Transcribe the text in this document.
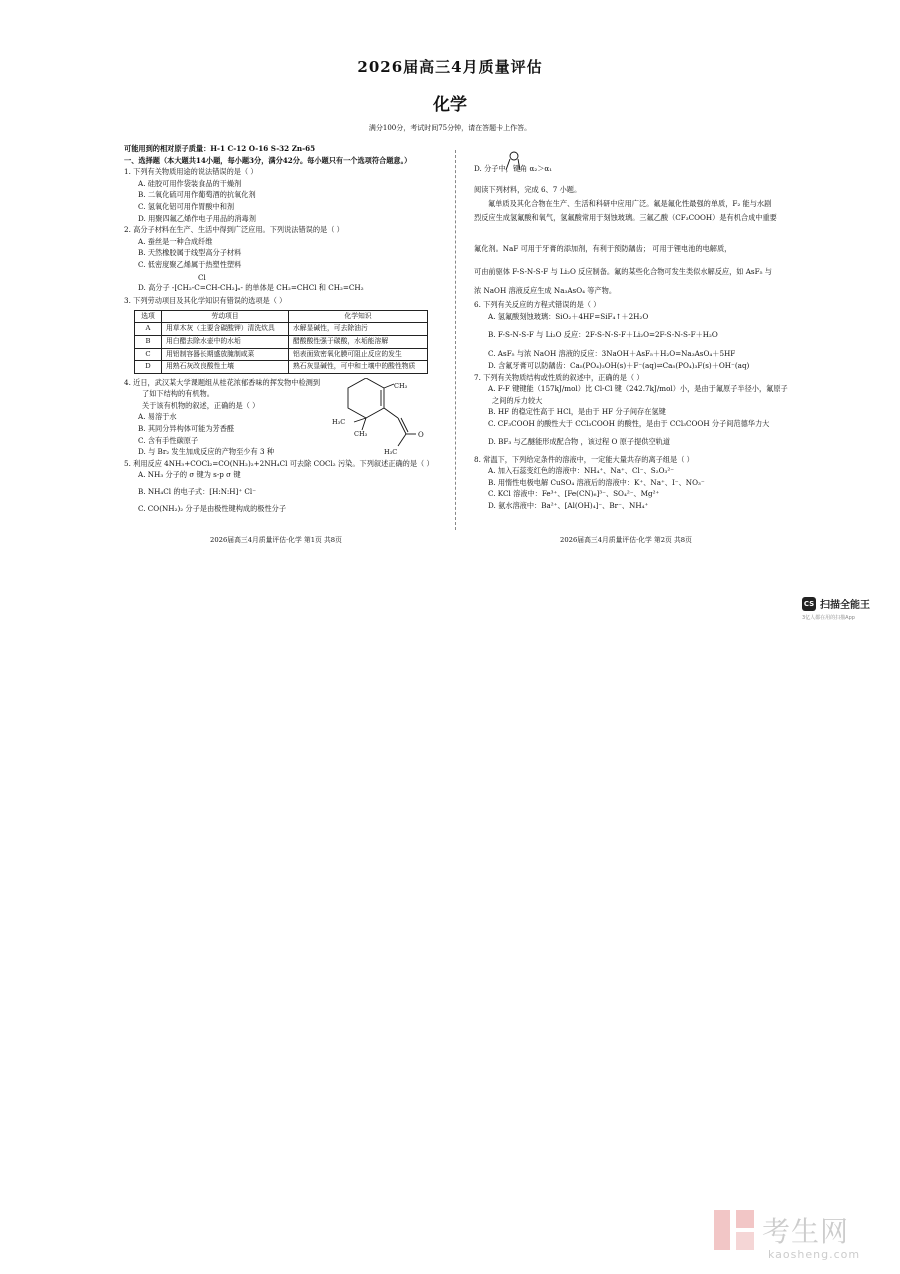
2026届高三4月质量评估
化学
满分100分，考试时间75分钟，请在答题卡上作答。

可能用到的相对原子质量：H-1 C-12 O-16 S-32 Zn-65

一、选择题（本大题共14小题，每小题3分，满分42分。每小题只有一个选项符合题意。）

1. 下列有关物质用途的说法错误的是（ ）

A. 硅胶可用作袋装食品的干燥剂

B. 二氧化硫可用作葡萄酒的抗氧化剂

C. 氢氧化铝可用作胃酸中和剂

D. 用聚四氟乙烯作电子用品的消毒剂

2. 高分子材料在生产、生活中得到广泛应用。下列说法错误的是（ ）

A. 蚕丝是一种合成纤维

B. 天然橡胶属于线型高分子材料

C. 低密度聚乙烯属于热塑性塑料

Cl

D. 高分子 -[CH₂-C=CH-CH₂]ₙ- 的单体是 CH₂=CHCl 和 CH₂=CH₂

3. 下列劳动项目及其化学知识有错误的选项是（ ）

选项	劳动项目	化学知识
A	用草木灰（主要含碳酸钾）清洗炊具	水解显碱性，可去除油污
B	用白醋去除水壶中的水垢	醋酸酸性强于碳酸，水垢能溶解
C	用铝制容器长期盛放腌制咸菜	铝表面致密氧化膜可阻止反应的发生
D	用熟石灰改良酸性土壤	熟石灰显碱性，可中和土壤中的酸性物质

4. 近日，武汉某大学课题组从桂花浓郁香味的挥发物中检测到

了如下结构的有机物。

关于该有机物的叙述，正确的是（ ）

A. 易溶于水

B. 其同分异构体可能为芳香醛

C. 含有手性碳原子

D. 与 Br₂ 发生加成反应的产物至少有 3 种

5. 利用反应 4NH₃+COCl₂=CO(NH₂)₂+2NH₄Cl 可去除 COCl₂ 污染。下列叙述正确的是（ ）

A. NH₃ 分子的 σ 键为 s-p σ 键

B. NH₄Cl 的电子式：[H:N:H]⁺ Cl⁻

C. CO(NH₂)₂ 分子是由极性键构成的极性分子

CH₃
H₃C
CH₃	O
H₃C

D. 分子中，键角 α₂＞α₁

阅读下列材料，完成 6、7 小题。

氟单质及其化合物在生产、生活和科研中应用广泛。氟是氟化性最强的单质，F₂ 能与水剧

烈反应生成氢氟酸和氧气，氢氟酸常用于刻蚀玻璃。三氟乙酸（CF₃COOH）是有机合成中重要

氟化剂。NaF 可用于牙膏的添加剂，有利于预防龋齿； 可用于锂电池的电解质，

可由前驱体 F-S-N-S-F 与 Li₂O 反应制备。氟的某些化合物可发生类似水解反应，如 AsF₅ 与

浓 NaOH 溶液反应生成 Na₃AsO₄ 等产物。

6. 下列有关反应的方程式错误的是（ ）

A. 氢氟酸刻蚀玻璃：SiO₂＋4HF=SiF₄↑＋2H₂O

B. F-S-N-S-F 与 Li₂O 反应：2F-S-N-S-F＋Li₂O=2F-S-N-S-F＋H₂O

C. AsF₅ 与浓 NaOH 溶液的反应：3NaOH＋AsF₅＋H₂O=Na₃AsO₄＋5HF

D. 含氟牙膏可以防龋齿：Ca₅(PO₄)₃OH(s)＋F⁻(aq)⇌Ca₅(PO₄)₃F(s)＋OH⁻(aq)

7. 下列有关物质结构或性质的叙述中，正确的是（ ）

A. F-F 键键能（157kJ/mol）比 Cl-Cl 键（242.7kJ/mol）小，是由于氟原子半径小，氟原子

之间的斥力较大

B. HF 的稳定性高于 HCl，是由于 HF 分子间存在氢键

C. CF₃COOH 的酸性大于 CCl₃COOH 的酸性，是由于 CCl₃COOH 分子间范德华力大

D. BF₃ 与乙醚能形成配合物 ，该过程 O 原子提供空轨道

8. 常温下，下列给定条件的溶液中，一定能大量共存的离子组是（ ）

A. 加入石蕊变红色的溶液中：NH₄⁺、Na⁺、Cl⁻、S₂O₃²⁻

B. 用惰性电极电解 CuSO₄ 溶液后的溶液中：K⁺、Na⁺、I⁻、NO₃⁻

C. KCl 溶液中：Fe³⁺、[Fe(CN)₆]³⁻、SO₄²⁻、Mg²⁺

D. 氨水溶液中：Ba²⁺、[Al(OH)₄]⁻、Br⁻、NH₄⁺

2026届高三4月质量评估·化学 第1页 共8页	2026届高三4月质量评估·化学 第2页 共8页
CS 扫描全能王
3亿人都在用的扫描App
考生网
kaosheng.com
